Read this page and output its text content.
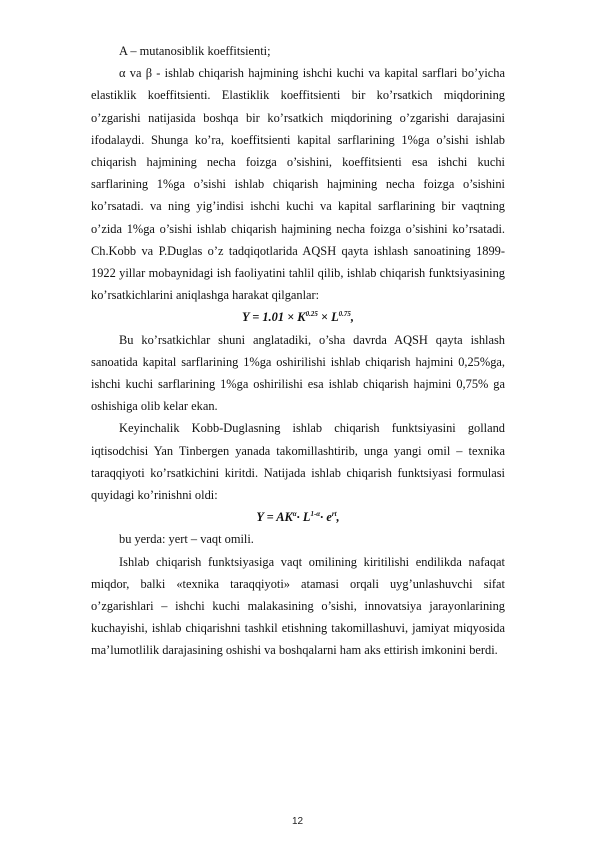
A – mutanosiblik koeffitsienti;

α va β - ishlab chiqarish hajmining ishchi kuchi va kapital sarflari bo’yicha elastiklik koeffitsienti. Elastiklik koeffitsienti bir ko’rsatkich miqdorining o’zgarishi natijasida boshqa bir ko’rsatkich miqdorining o’zgarishi darajasini ifodalaydi. Shunga ko’ra, koeffitsienti kapital sarflarining 1%ga o’sishi ishlab chiqarish hajmining necha foizga o’sishini, koeffitsienti esa ishchi kuchi sarflarining 1%ga o’sishi ishlab chiqarish hajmining necha foizga o’sishini ko’rsatadi. va ning yig’indisi ishchi kuchi va kapital sarflarining bir vaqtning o’zida 1%ga o’sishi ishlab chiqarish hajmining necha foizga o’sishini ko’rsatadi. Ch.Kobb va P.Duglas o’z tadqiqotlarida AQSH qayta ishlash sanoatining 1899-1922 yillar mobaynidagi ish faoliyatini tahlil qilib, ishlab chiqarish funktsiyasining ko’rsatkichlarini aniqlashga harakat qilganlar:

$Y = 1.01 \times K^{0.25} \times L^{0.75}$,

Bu ko’rsatkichlar shuni anglatadiki, o’sha davrda AQSH qayta ishlash sanoatida kapital sarflarining 1%ga oshirilishi ishlab chiqarish hajmini 0,25%ga, ishchi kuchi sarflarining 1%ga oshirilishi esa ishlab chiqarish hajmini 0,75% ga oshishiga olib kelar ekan.

Keyinchalik Kobb-Duglasning ishlab chiqarish funktsiyasini golland iqtisodchisi Yan Tinbergen yanada takomillashtirib, unga yangi omil – texnika taraqqiyoti ko’rsatkichini kiritdi. Natijada ishlab chiqarish funktsiyasi formulasi quyidagi ko’rinishni oldi:

$Y = AK^\alpha\cdot L^{1-\alpha}\cdot e^{rt}$,

bu yerda: yert – vaqt omili.

Ishlab chiqarish funktsiyasiga vaqt omilining kiritilishi endilikda nafaqat miqdor, balki «texnika taraqqiyoti» atamasi orqali uyg’unlashuvchi sifat o’zgarishlari – ishchi kuchi malakasining o’sishi, innovatsiya jarayonlarining kuchayishi, ishlab chiqarishni tashkil etishning takomillashuvi, jamiyat miqyosida ma’lumotlilik darajasining oshishi va boshqalarni ham aks ettirish imkonini berdi.

12
